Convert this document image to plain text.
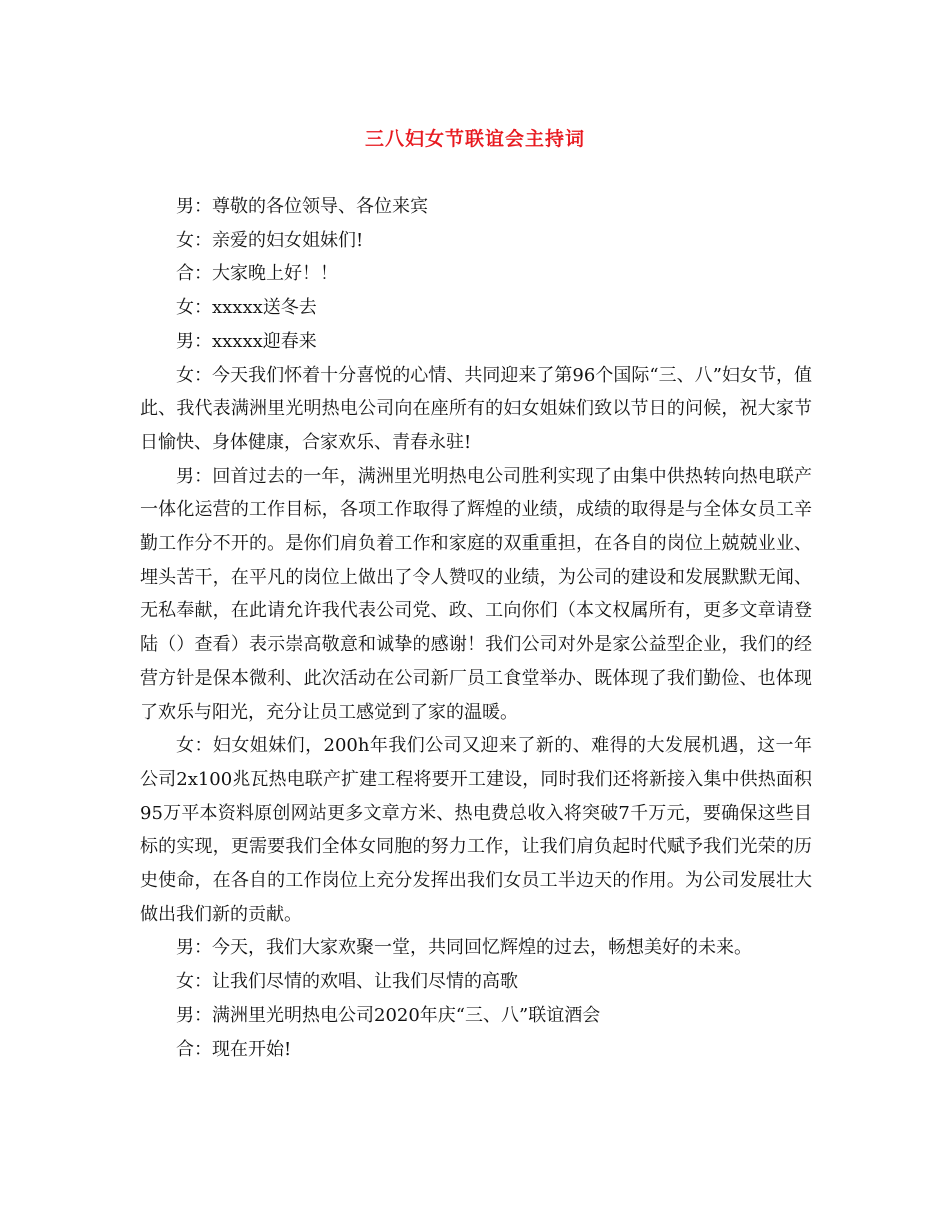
三八妇女节联谊会主持词

男：尊敬的各位领导、各位来宾

女：亲爱的妇女姐妹们!

合：大家晚上好！！

女：xxxxx送冬去

男：xxxxx迎春来

女：今天我们怀着十分喜悦的心情、共同迎来了第96个国际“三、八”妇女节，值此、我代表满洲里光明热电公司向在座所有的妇女姐妹们致以节日的问候，祝大家节日愉快、身体健康，合家欢乐、青春永驻!

男：回首过去的一年，满洲里光明热电公司胜利实现了由集中供热转向热电联产一体化运营的工作目标，各项工作取得了辉煌的业绩，成绩的取得是与全体女员工辛勤工作分不开的。是你们肩负着工作和家庭的双重重担，在各自的岗位上兢兢业业、埋头苦干，在平凡的岗位上做出了令人赞叹的业绩，为公司的建设和发展默默无闻、无私奉献，在此请允许我代表公司党、政、工向你们（本文权属所有，更多文章请登陆（）查看）表示崇高敬意和诚挚的感谢！我们公司对外是家公益型企业，我们的经营方针是保本微利、此次活动在公司新厂员工食堂举办、既体现了我们勤俭、也体现了欢乐与阳光，充分让员工感觉到了家的温暖。

女：妇女姐妹们，200h年我们公司又迎来了新的、难得的大发展机遇，这一年公司2x100兆瓦热电联产扩建工程将要开工建设，同时我们还将新接入集中供热面积95万平本资料原创网站更多文章方米、热电费总收入将突破7千万元，要确保这些目标的实现，更需要我们全体女同胞的努力工作，让我们肩负起时代赋予我们光荣的历史使命，在各自的工作岗位上充分发挥出我们女员工半边天的作用。为公司发展壮大做出我们新的贡献。

男：今天，我们大家欢聚一堂，共同回忆辉煌的过去，畅想美好的未来。

女：让我们尽情的欢唱、让我们尽情的高歌

男：满洲里光明热电公司2020年庆“三、八”联谊酒会

合：现在开始!
